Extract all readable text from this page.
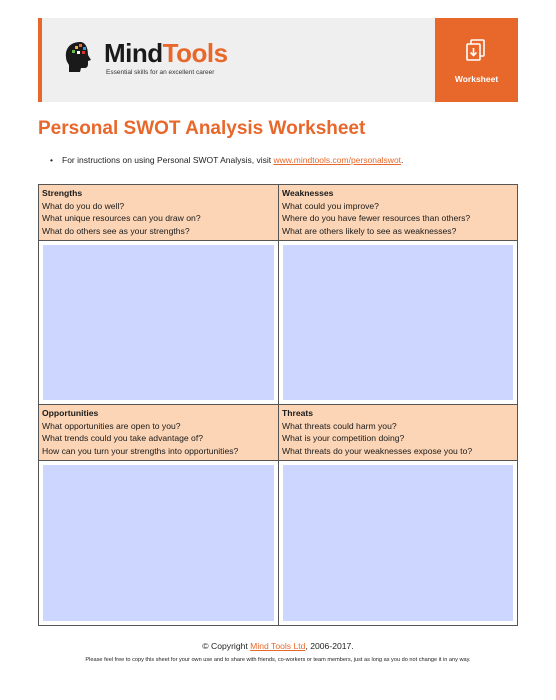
MindTools
Essential skills for an excellent career
Worksheet
Personal SWOT Analysis Worksheet
• For instructions on using Personal SWOT Analysis, visit www.mindtools.com/personalswot.
Strengths
What do you do well?
What unique resources can you draw on?
What do others see as your strengths?
Weaknesses
What could you improve?
Where do you have fewer resources than others?
What are others likely to see as weaknesses?
Opportunities
What opportunities are open to you?
What trends could you take advantage of?
How can you turn your strengths into opportunities?
Threats
What threats could harm you?
What is your competition doing?
What threats do your weaknesses expose you to?
© Copyright Mind Tools Ltd, 2006-2017.
Please feel free to copy this sheet for your own use and to share with friends, co-workers or team members, just as long as you do not change it in any way.
